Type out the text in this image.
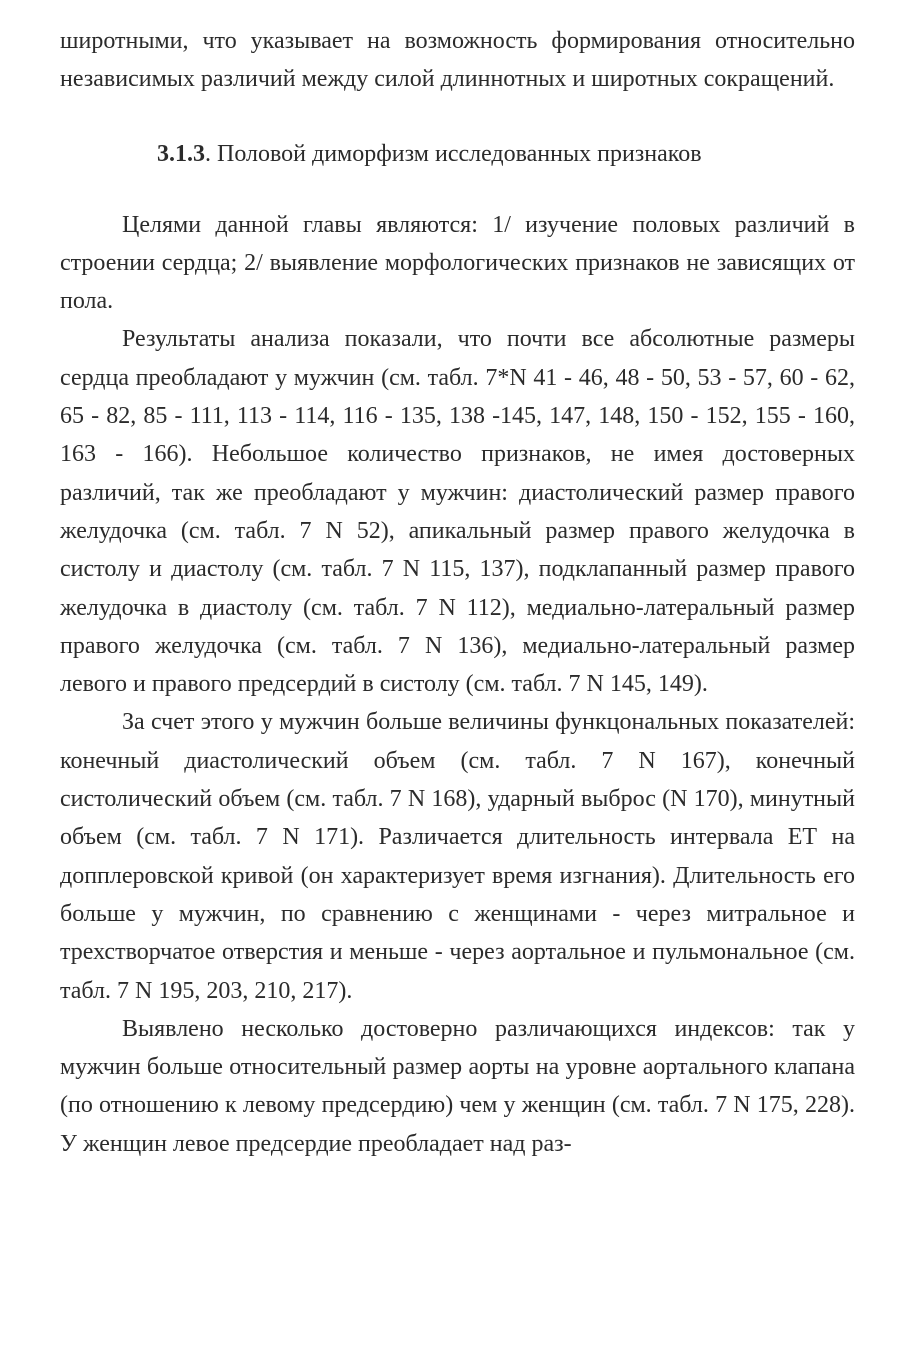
широтными, что указывает на возможность формирования относительно независимых различий между силой длиннотных и широтных сокращений.

3.1.3. Половой диморфизм исследованных признаков

Целями данной главы являются: 1/ изучение половых различий в строении сердца; 2/ выявление морфологических признаков не зависящих от пола.

Результаты анализа показали, что почти все абсолютные размеры сердца преобладают у мужчин (см. табл. 7*N 41 - 46, 48 - 50, 53 - 57, 60 - 62, 65 - 82, 85 - 111, 113 - 114, 116 - 135, 138 -145, 147, 148, 150 - 152, 155 - 160, 163 - 166). Небольшое количество признаков, не имея достоверных различий, так же преобладают у мужчин: диастолический размер правого желудочка (см. табл. 7 N 52), апикальный размер правого желудочка в систолу и диастолу (см. табл. 7 N 115, 137), подклапанный размер правого желудочка в диастолу (см. табл. 7 N 112), медиально-латеральный размер правого желудочка (см. табл. 7 N 136), медиально-латеральный размер левого и правого предсердий в систолу (см. табл. 7 N 145, 149).

За счет этого у мужчин больше величины функцональных показателей: конечный диастолический объем (см. табл. 7 N 167), конечный систолический объем (см. табл. 7 N 168), ударный выброс (N 170), минутный объем (см. табл. 7 N 171). Различается длительность интервала ЕТ на допплеровской кривой (он характеризует время изгнания). Длительность его больше у мужчин, по сравнению с женщинами - через митральное и трехстворчатое отверстия и меньше - через аортальное и пульмональное (см. табл. 7 N 195, 203, 210, 217).

Выявлено несколько достоверно различающихся индексов: так у мужчин больше относительный размер аорты на уровне аортального клапана (по отношению к левому предсердию) чем у женщин (см. табл. 7 N 175, 228). У женщин левое предсердие преобладает над раз-
